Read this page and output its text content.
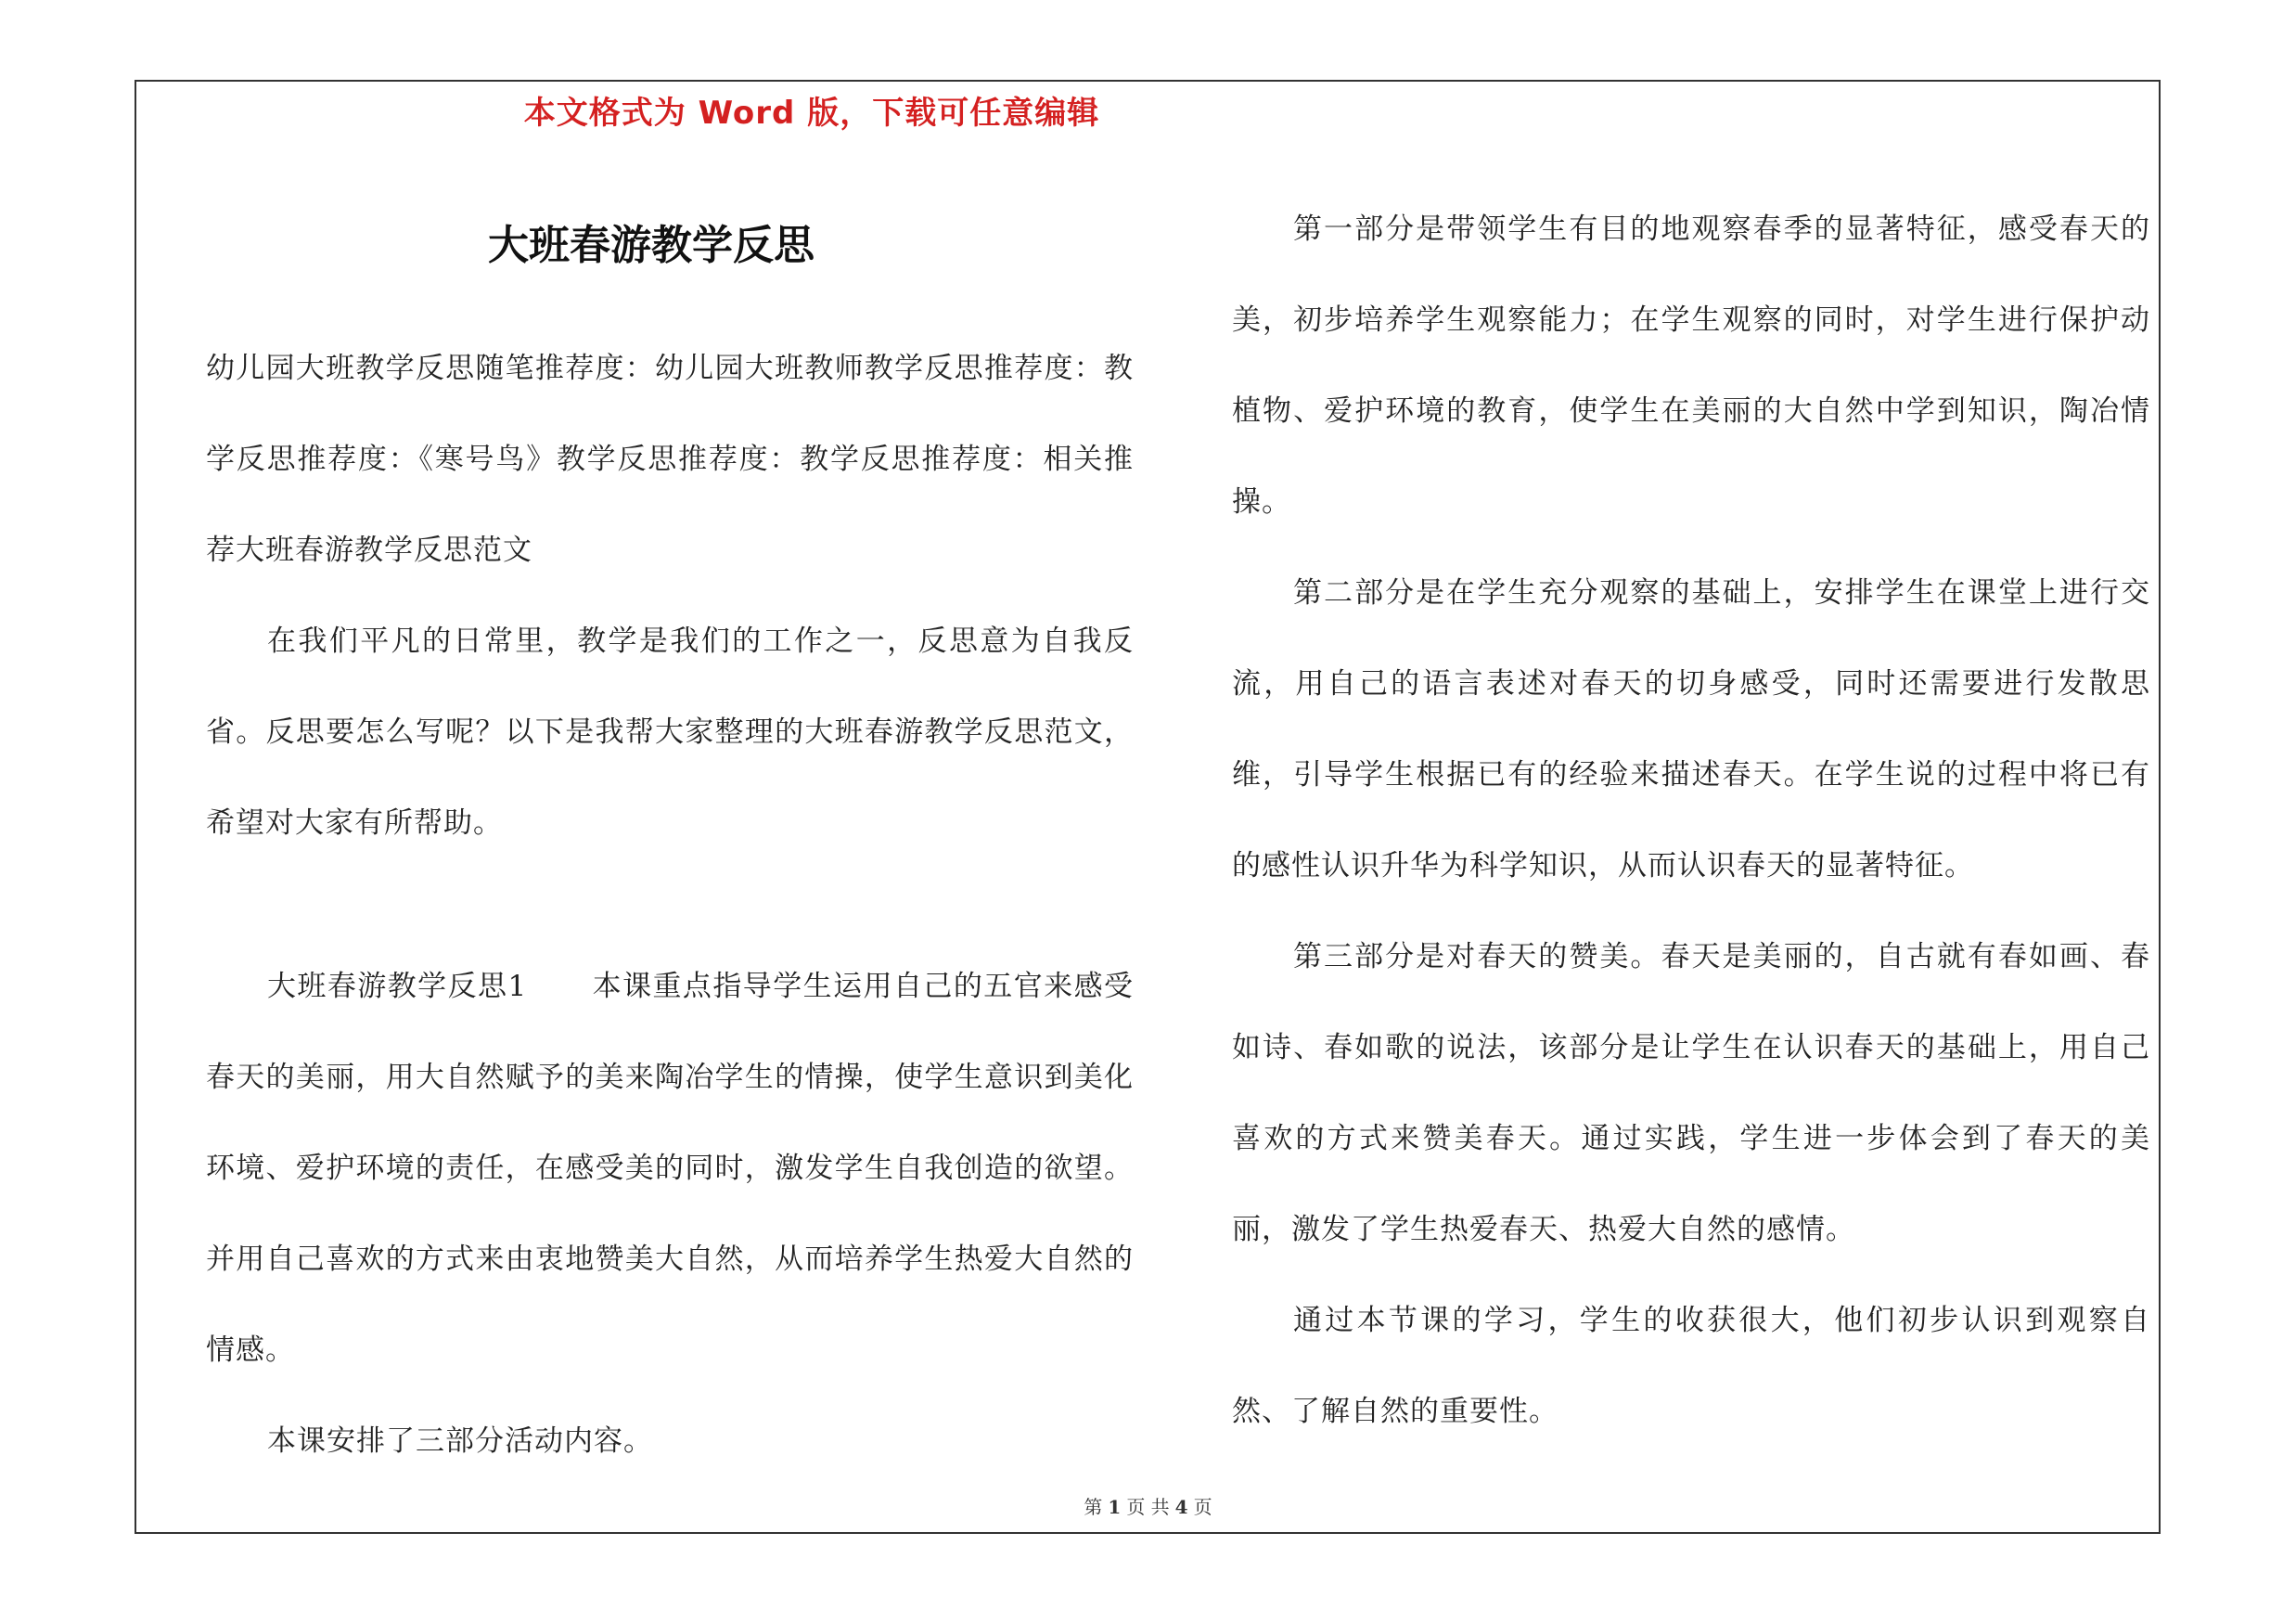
本文格式为 Word 版，下载可任意编辑
大班春游教学反思

幼儿园大班教学反思随笔推荐度：幼儿园大班教师教学反思推荐度：教学反思推荐度：《寒号鸟》教学反思推荐度：教学反思推荐度：相关推荐大班春游教学反思范文

在我们平凡的日常里，教学是我们的工作之一，反思意为自我反省。反思要怎么写呢？以下是我帮大家整理的大班春游教学反思范文，希望对大家有所帮助。

大班春游教学反思1 本课重点指导学生运用自己的五官来感受春天的美丽，用大自然赋予的美来陶冶学生的情操，使学生意识到美化环境、爱护环境的责任，在感受美的同时，激发学生自我创造的欲望。并用自己喜欢的方式来由衷地赞美大自然，从而培养学生热爱大自然的情感。

本课安排了三部分活动内容。

第一部分是带领学生有目的地观察春季的显著特征，感受春天的美，初步培养学生观察能力；在学生观察的同时，对学生进行保护动植物、爱护环境的教育，使学生在美丽的大自然中学到知识，陶冶情操。

第二部分是在学生充分观察的基础上，安排学生在课堂上进行交流，用自己的语言表述对春天的切身感受，同时还需要进行发散思维，引导学生根据已有的经验来描述春天。在学生说的过程中将已有的感性认识升华为科学知识，从而认识春天的显著特征。

第三部分是对春天的赞美。春天是美丽的，自古就有春如画、春如诗、春如歌的说法，该部分是让学生在认识春天的基础上，用自己喜欢的方式来赞美春天。通过实践，学生进一步体会到了春天的美丽，激发了学生热爱春天、热爱大自然的感情。

通过本节课的学习，学生的收获很大，他们初步认识到观察自然、了解自然的重要性。

第 1 页 共 4 页
